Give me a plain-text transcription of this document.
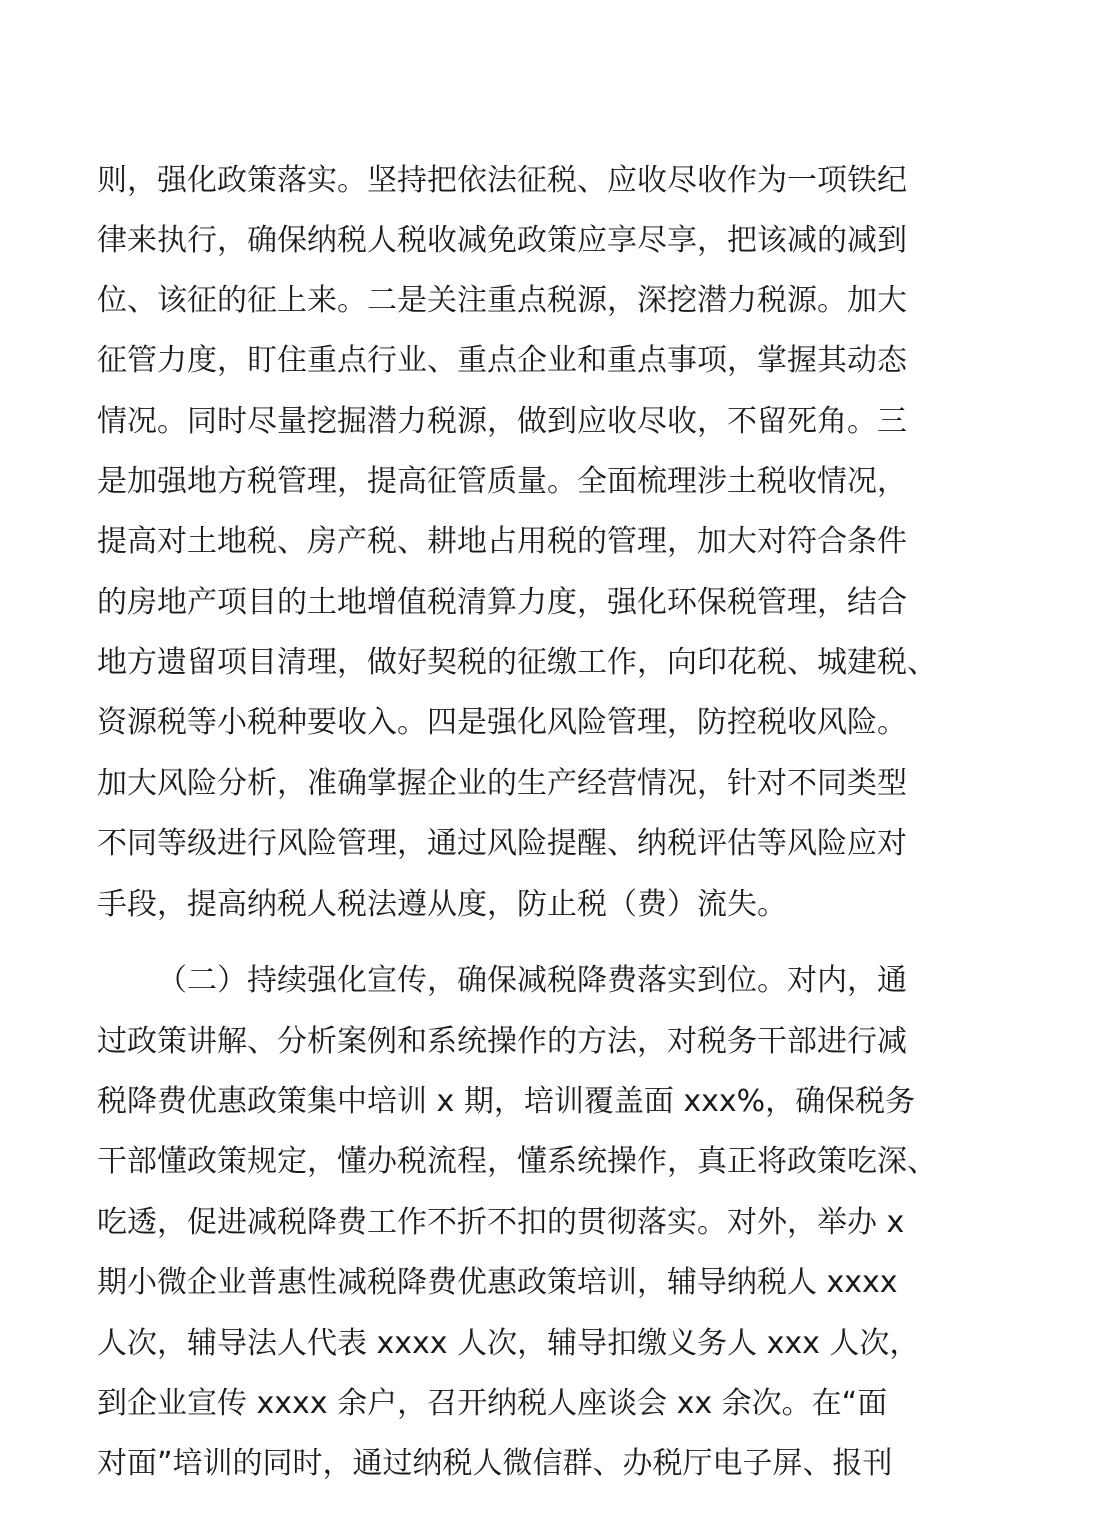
则，强化政策落实。坚持把依法征税、应收尽收作为一项铁纪
律来执行，确保纳税人税收减免政策应享尽享，把该减的减到
位、该征的征上来。二是关注重点税源，深挖潜力税源。加大
征管力度，盯住重点行业、重点企业和重点事项，掌握其动态
情况。同时尽量挖掘潜力税源，做到应收尽收，不留死角。三
是加强地方税管理，提高征管质量。全面梳理涉土税收情况，
提高对土地税、房产税、耕地占用税的管理，加大对符合条件
的房地产项目的土地增值税清算力度，强化环保税管理，结合
地方遗留项目清理，做好契税的征缴工作，向印花税、城建税、
资源税等小税种要收入。四是强化风险管理，防控税收风险。
加大风险分析，准确掌握企业的生产经营情况，针对不同类型
不同等级进行风险管理，通过风险提醒、纳税评估等风险应对
手段，提高纳税人税法遵从度，防止税（费）流失。
（二）持续强化宣传，确保减税降费落实到位。对内，通
过政策讲解、分析案例和系统操作的方法，对税务干部进行减
税降费优惠政策集中培训 x 期，培训覆盖面 xxx%，确保税务
干部懂政策规定，懂办税流程，懂系统操作，真正将政策吃深、
吃透，促进减税降费工作不折不扣的贯彻落实。对外，举办 x
期小微企业普惠性减税降费优惠政策培训，辅导纳税人 xxxx
人次，辅导法人代表 xxxx 人次，辅导扣缴义务人 xxx 人次，
到企业宣传 xxxx 余户，召开纳税人座谈会 xx 余次。在“面
对面”培训的同时，通过纳税人微信群、办税厅电子屏、报刊
